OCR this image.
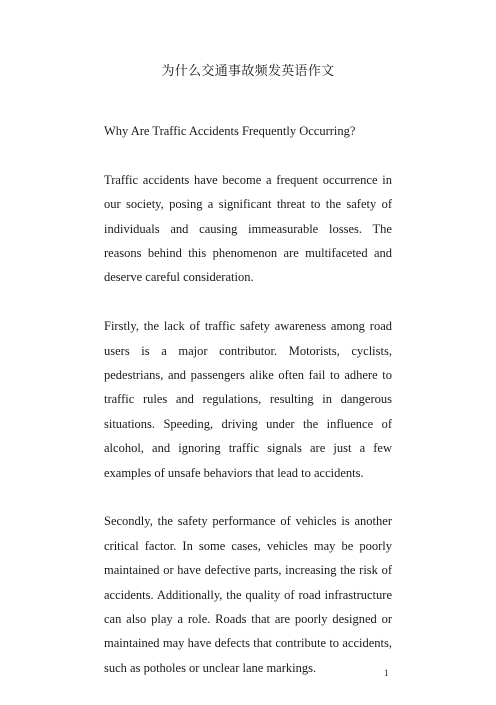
为什么交通事故频发英语作文

Why Are Traffic Accidents Frequently Occurring?

Traffic accidents have become a frequent occurrence in our society, posing a significant threat to the safety of individuals and causing immeasurable losses. The reasons behind this phenomenon are multifaceted and deserve careful consideration.

Firstly, the lack of traffic safety awareness among road users is a major contributor. Motorists, cyclists, pedestrians, and passengers alike often fail to adhere to traffic rules and regulations, resulting in dangerous situations. Speeding, driving under the influence of alcohol, and ignoring traffic signals are just a few examples of unsafe behaviors that lead to accidents.

Secondly, the safety performance of vehicles is another critical factor. In some cases, vehicles may be poorly maintained or have defective parts, increasing the risk of accidents. Additionally, the quality of road infrastructure can also play a role. Roads that are poorly designed or maintained may have defects that contribute to accidents, such as potholes or unclear lane markings.	1
